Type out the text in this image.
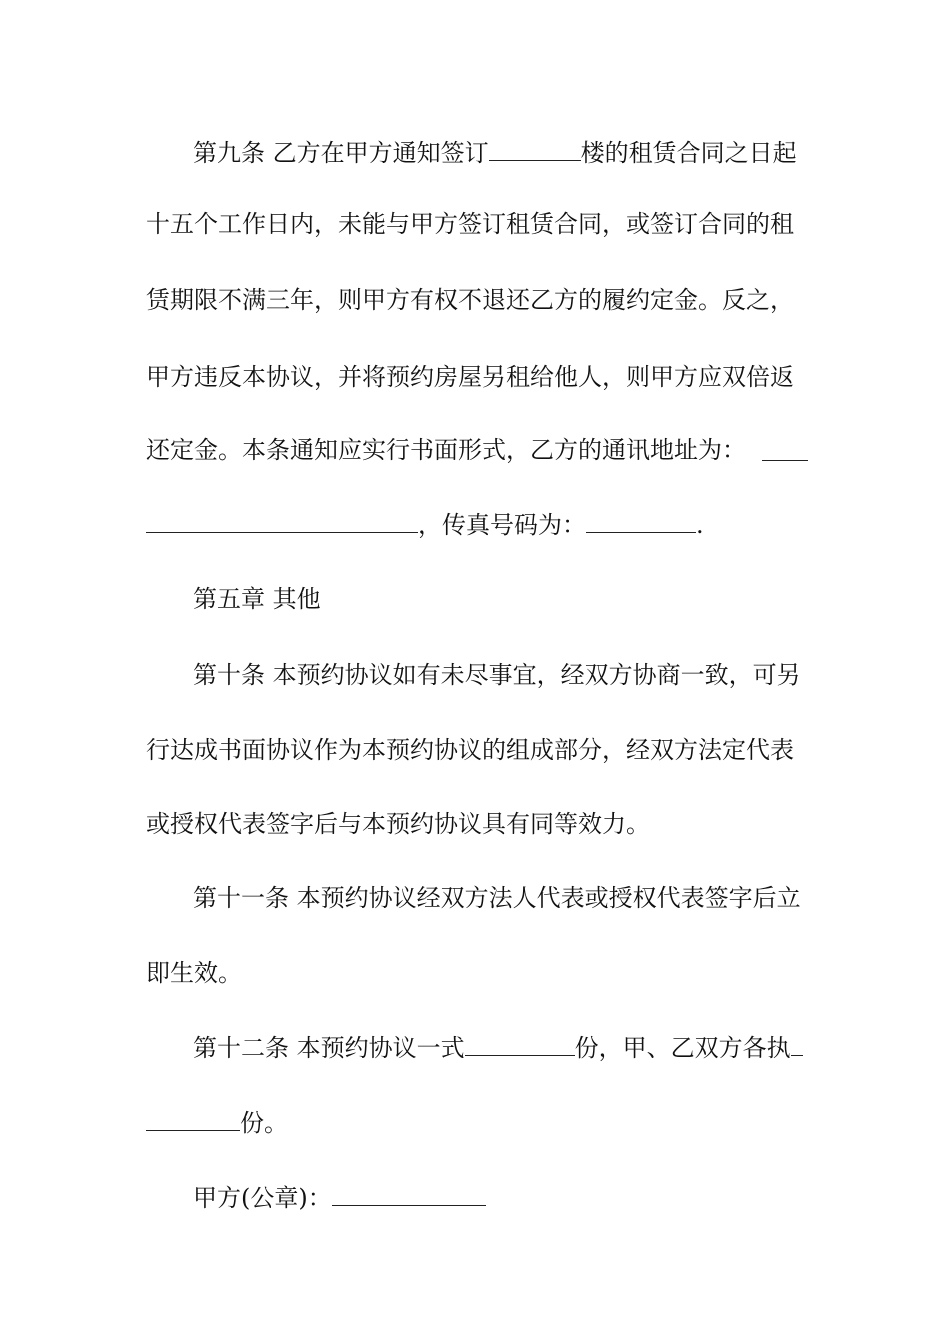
第九条 乙方在甲方通知签订	楼的租赁合同之日起
十五个工作日内，未能与甲方签订租赁合同，或签订合同的租
赁期限不满三年，则甲方有权不退还乙方的履约定金。反之，
甲方违反本协议，并将预约房屋另租给他人，则甲方应双倍返
还定金。本条通知应实行书面形式，乙方的通讯地址为：
，传真号码为：	.
第五章 其他
第十条 本预约协议如有未尽事宜，经双方协商一致，可另
行达成书面协议作为本预约协议的组成部分，经双方法定代表
或授权代表签字后与本预约协议具有同等效力。
第十一条 本预约协议经双方法人代表或授权代表签字后立
即生效。
第十二条 本预约协议一式	份，甲、乙双方各执
份。
甲方(公章)：
